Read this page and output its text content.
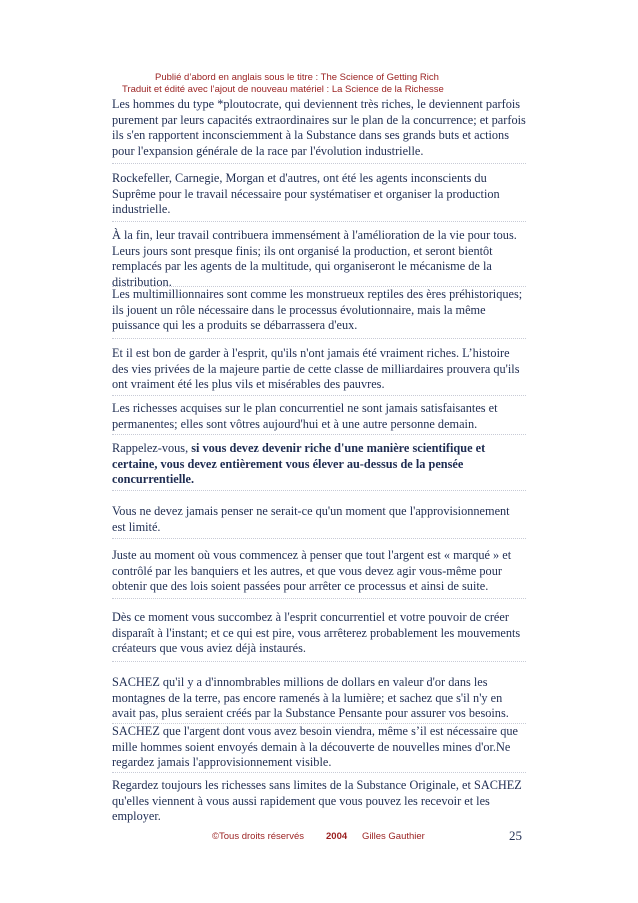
Publié d’abord en anglais sous le titre : The Science of Getting Rich
Traduit et édité avec l’ajout de nouveau matériel : La Science de la Richesse

Les hommes du type *ploutocrate, qui deviennent très riches, le deviennent parfois purement par leurs capacités extraordinaires sur le plan de la concurrence; et parfois ils s'en rapportent inconsciemment à la Substance dans ses grands buts et actions pour l'expansion générale de la race par l'évolution industrielle.

Rockefeller, Carnegie, Morgan et d'autres, ont été les agents inconscients du Suprême pour le travail nécessaire pour systématiser et organiser la production industrielle.

À la fin, leur travail contribuera immensément à l'amélioration de la vie pour tous. Leurs jours sont presque finis; ils ont organisé la production, et seront bientôt remplacés par les agents de la multitude, qui organiseront le mécanisme de la distribution.

Les multimillionnaires sont comme les monstrueux reptiles des ères préhistoriques; ils jouent un rôle nécessaire dans le processus évolutionnaire, mais la même puissance qui les a produits se débarrassera d'eux.

Et il est bon de garder à l'esprit, qu'ils n'ont jamais été vraiment riches. L’histoire des vies privées de la majeure partie de cette classe de milliardaires prouvera qu'ils ont vraiment été les plus vils et misérables des pauvres.

Les richesses acquises sur le plan concurrentiel ne sont jamais satisfaisantes et permanentes; elles sont vôtres aujourd'hui et à une autre personne demain.

Rappelez-vous, si vous devez devenir riche d'une manière scientifique et certaine, vous devez entièrement vous élever au-dessus de la pensée concurrentielle.

Vous ne devez jamais penser ne serait-ce qu'un moment que l'approvisionnement est limité.

Juste au moment où vous commencez à penser que tout l'argent est « marqué » et contrôlé par les banquiers et les autres, et que vous devez agir vous-même pour obtenir que des lois soient passées pour arrêter ce processus et ainsi de suite.

Dès ce moment vous succombez à l'esprit concurrentiel et votre pouvoir de créer disparaît à l'instant; et ce qui est pire, vous arrêterez probablement les mouvements créateurs que vous aviez déjà instaurés.

SACHEZ qu'il y a d'innombrables millions de dollars en valeur d'or dans les montagnes de la terre, pas encore ramenés à la lumière; et sachez que s'il n'y en avait pas, plus seraient créés par la Substance Pensante pour assurer vos besoins.

SACHEZ que l'argent dont vous avez besoin viendra, même s’il est nécessaire que mille hommes soient envoyés demain à la découverte de nouvelles mines d'or.Ne regardez jamais l'approvisionnement visible.

Regardez toujours les richesses sans limites de la Substance Originale, et SACHEZ qu'elles viennent à vous aussi rapidement que vous pouvez les recevoir et les employer.

©Tous droits réservés 2004 Gilles Gauthier	25
